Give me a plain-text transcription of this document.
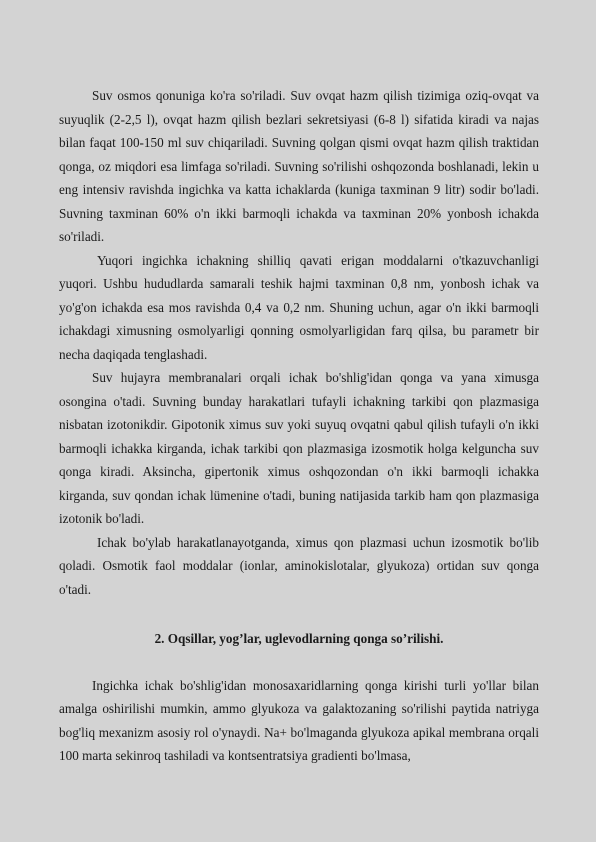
Suv osmos qonuniga ko'ra so'riladi. Suv ovqat hazm qilish tizimiga oziq-ovqat va suyuqlik (2-2,5 l), ovqat hazm qilish bezlari sekretsiyasi (6-8 l) sifatida kiradi va najas bilan faqat 100-150 ml suv chiqariladi. Suvning qolgan qismi ovqat hazm qilish traktidan qonga, oz miqdori esa limfaga so'riladi. Suvning so'rilishi oshqozonda boshlanadi, lekin u eng intensiv ravishda ingichka va katta ichaklarda (kuniga taxminan 9 litr) sodir bo'ladi. Suvning taxminan 60% o'n ikki barmoqli ichakda va taxminan 20% yonbosh ichakda so'riladi.

Yuqori ingichka ichakning shilliq qavati erigan moddalarni o'tkazuvchanligi yuqori. Ushbu hududlarda samarali teshik hajmi taxminan 0,8 nm, yonbosh ichak va yo'g'on ichakda esa mos ravishda 0,4 va 0,2 nm. Shuning uchun, agar o'n ikki barmoqli ichakdagi ximusning osmolyarligi qonning osmolyarligidan farq qilsa, bu parametr bir necha daqiqada tenglashadi.

Suv hujayra membranalari orqali ichak bo'shlig'idan qonga va yana ximusga osongina o'tadi. Suvning bunday harakatlari tufayli ichakning tarkibi qon plazmasiga nisbatan izotonikdir. Gipotonik ximus suv yoki suyuq ovqatni qabul qilish tufayli o'n ikki barmoqli ichakka kirganda, ichak tarkibi qon plazmasiga izosmotik holga kelguncha suv qonga kiradi. Aksincha, gipertonik ximus oshqozondan o'n ikki barmoqli ichakka kirganda, suv qondan ichak lümenine o'tadi, buning natijasida tarkib ham qon plazmasiga izotonik bo'ladi.

Ichak bo'ylab harakatlanayotganda, ximus qon plazmasi uchun izosmotik bo'lib qoladi. Osmotik faol moddalar (ionlar, aminokislotalar, glyukoza) ortidan suv qonga o'tadi.

2. Oqsillar, yog’lar, uglevodlarning qonga so’rilishi.

Ingichka ichak bo'shlig'idan monosaxaridlarning qonga kirishi turli yo'llar bilan amalga oshirilishi mumkin, ammo glyukoza va galaktozaning so'rilishi paytida natriyga bog'liq mexanizm asosiy rol o'ynaydi. Na+ bo'lmaganda glyukoza apikal membrana orqali 100 marta sekinroq tashiladi va kontsentratsiya gradienti bo'lmasa,
